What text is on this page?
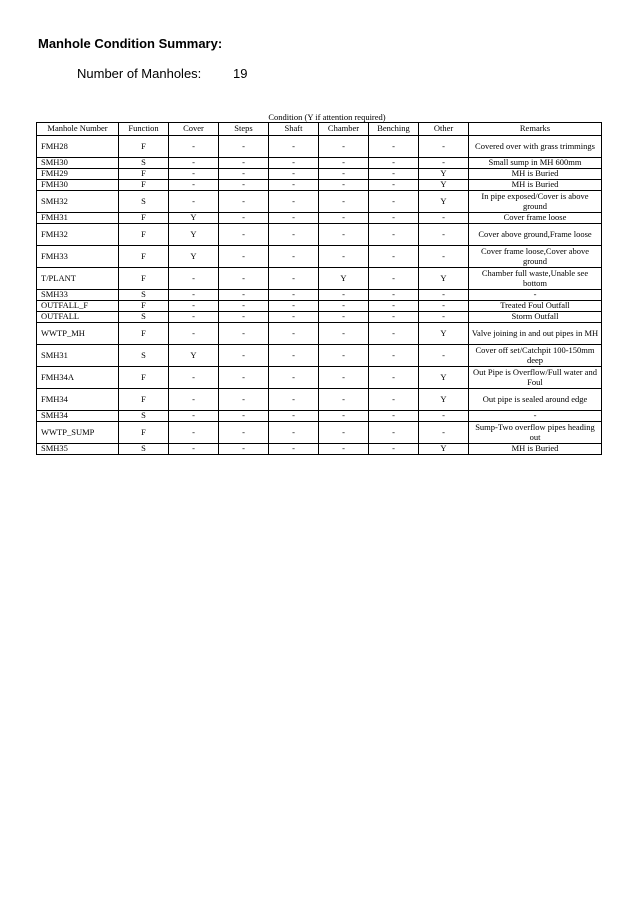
Manhole Condition Summary:
Number of Manholes: 19
Condition (Y if attention required)
Manhole Number	Function	Cover	Steps	Shaft	Chamber	Benching	Other	Remarks
FMH28	F	-	-	-	-	-	-	Covered over with grass trimmings
SMH30	S	-	-	-	-	-	-	Small sump in MH 600mm
FMH29	F	-	-	-	-	-	Y	MH is Buried
FMH30	F	-	-	-	-	-	Y	MH is Buried
SMH32	S	-	-	-	-	-	Y	In pipe exposed/Cover is above ground
FMH31	F	Y	-	-	-	-	-	Cover frame loose
FMH32	F	Y	-	-	-	-	-	Cover above ground,Frame loose
FMH33	F	Y	-	-	-	-	-	Cover frame loose,Cover above ground
T/PLANT	F	-	-	-	Y	-	Y	Chamber full waste,Unable see bottom
SMH33	S	-	-	-	-	-	-	-
OUTFALL_F	F	-	-	-	-	-	-	Treated Foul Outfall
OUTFALL	S	-	-	-	-	-	-	Storm Outfall
WWTP_MH	F	-	-	-	-	-	Y	Valve joining in and out pipes in MH
SMH31	S	Y	-	-	-	-	-	Cover off set/Catchpit 100-150mm deep
FMH34A	F	-	-	-	-	-	Y	Out Pipe is Overflow/Full water and Foul
FMH34	F	-	-	-	-	-	Y	Out pipe is sealed around edge
SMH34	S	-	-	-	-	-	-	-
WWTP_SUMP	F	-	-	-	-	-	-	Sump-Two overflow pipes heading out
SMH35	S	-	-	-	-	-	Y	MH is Buried
